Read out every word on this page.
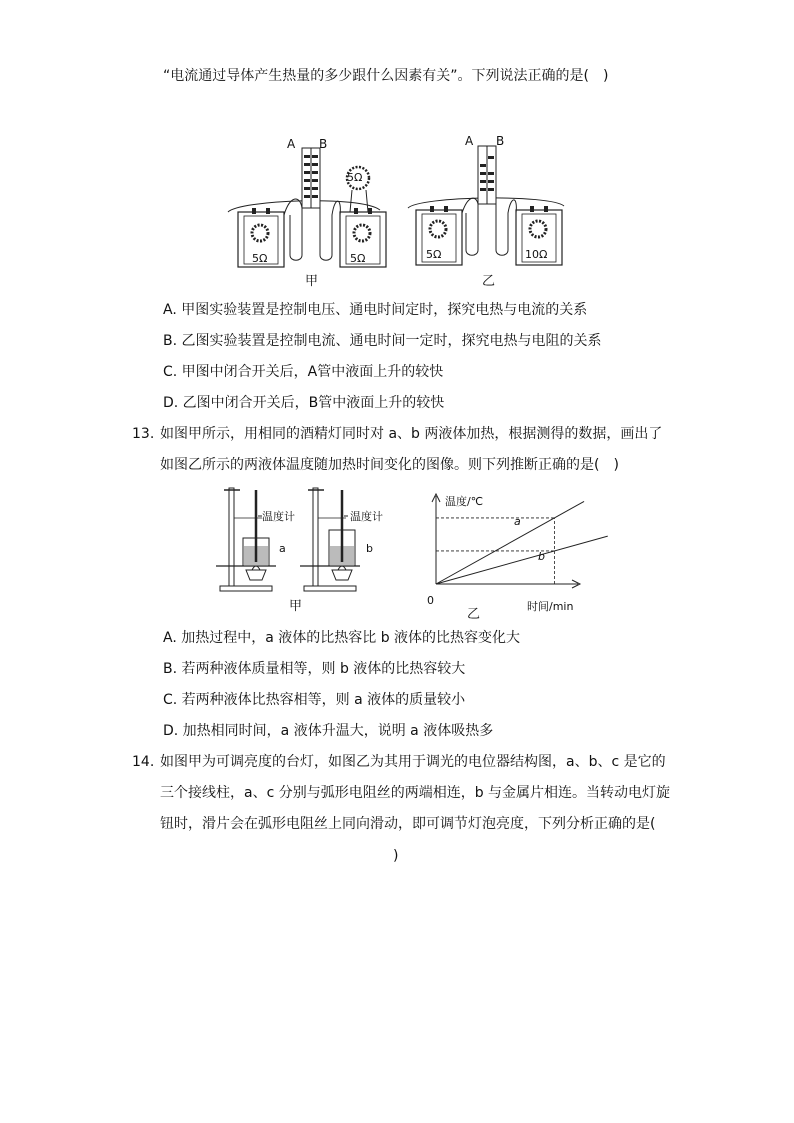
“电流通过导体产生热量的多少跟什么因素有关”。下列说法正确的是(　)
A B
5Ω
5Ω	5Ω
甲
A B
5Ω	10Ω
乙
A. 甲图实验装置是控制电压、通电时间定时，探究电热与电流的关系
B. 乙图实验装置是控制电流、通电时间一定时，探究电热与电阻的关系
C. 甲图中闭合开关后，A管中液面上升的较快
D. 乙图中闭合开关后，B管中液面上升的较快
13. 如图甲所示，用相同的酒精灯同时对 a、b 两液体加热，根据测得的数据，画出了
如图乙所示的两液体温度随加热时间变化的图像。则下列推断正确的是(　)
温度计	温度计
a	b
甲
温度/℃
时间/min
0
a
b
乙
A. 加热过程中，a 液体的比热容比 b 液体的比热容变化大
B. 若两种液体质量相等，则 b 液体的比热容较大
C. 若两种液体比热容相等，则 a 液体的质量较小
D. 加热相同时间，a 液体升温大，说明 a 液体吸热多
14. 如图甲为可调亮度的台灯，如图乙为其用于调光的电位器结构图，a、b、c 是它的
三个接线柱，a、c 分别与弧形电阻丝的两端相连，b 与金属片相连。当转动电灯旋
钮时，滑片会在弧形电阻丝上同向滑动，即可调节灯泡亮度，下列分析正确的是(
)
